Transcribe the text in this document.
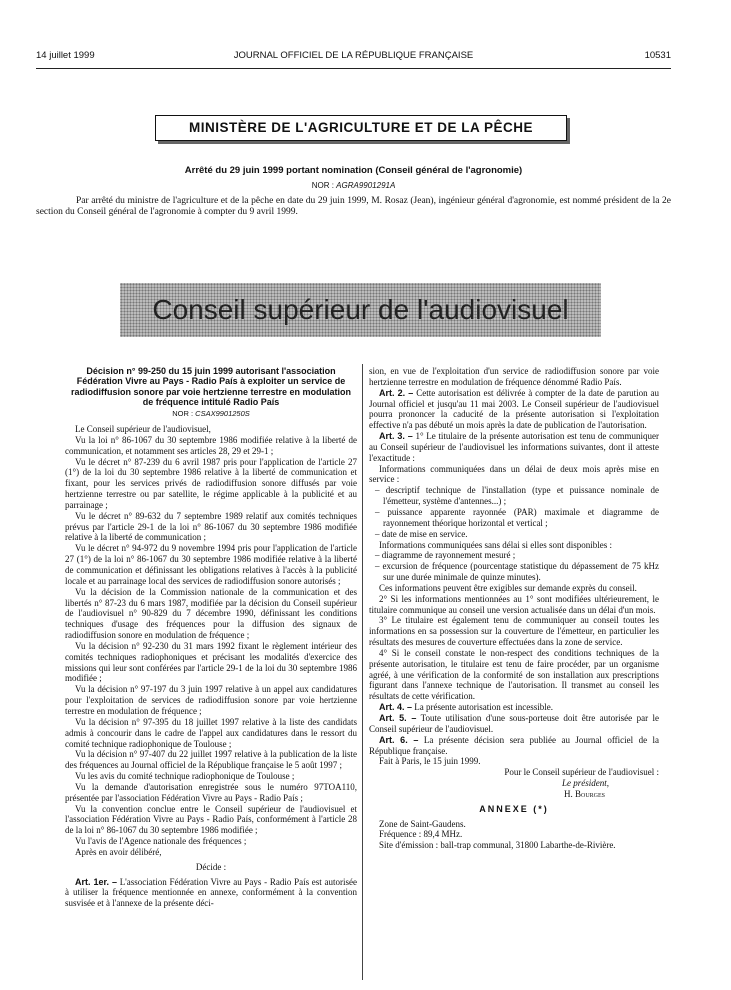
14 juillet 1999	JOURNAL OFFICIEL DE LA RÉPUBLIQUE FRANÇAISE	10531
MINISTÈRE DE L'AGRICULTURE ET DE LA PÊCHE
Arrêté du 29 juin 1999 portant nomination (Conseil général de l'agronomie)
NOR : AGRA9901291A
Par arrêté du ministre de l'agriculture et de la pêche en date du 29 juin 1999, M. Rosaz (Jean), ingénieur général d'agronomie, est nommé président de la 2e section du Conseil général de l'agronomie à compter du 9 avril 1999.
Conseil supérieur de l'audiovisuel
Décision n° 99-250 du 15 juin 1999 autorisant l'association Fédération Vivre au Pays - Radio País à exploiter un service de radiodiffusion sonore par voie hertzienne terrestre en modulation de fréquence intitulé Radio País
NOR : CSAX9901250S

Le Conseil supérieur de l'audiovisuel,

Vu la loi n° 86-1067 du 30 septembre 1986 modifiée relative à la liberté de communication, et notamment ses articles 28, 29 et 29-1 ;

Vu le décret n° 87-239 du 6 avril 1987 pris pour l'application de l'article 27 (1°) de la loi du 30 septembre 1986 relative à la liberté de communication et fixant, pour les services privés de radiodiffusion sonore diffusés par voie hertzienne terrestre ou par satellite, le régime applicable à la publicité et au parrainage ;

Vu le décret n° 89-632 du 7 septembre 1989 relatif aux comités techniques prévus par l'article 29-1 de la loi n° 86-1067 du 30 septembre 1986 modifiée relative à la liberté de communication ;

Vu le décret n° 94-972 du 9 novembre 1994 pris pour l'application de l'article 27 (1°) de la loi n° 86-1067 du 30 septembre 1986 modifiée relative à la liberté de communication et définissant les obligations relatives à l'accès à la publicité locale et au parrainage local des services de radiodiffusion sonore autorisés ;

Vu la décision de la Commission nationale de la communication et des libertés n° 87-23 du 6 mars 1987, modifiée par la décision du Conseil supérieur de l'audiovisuel n° 90-829 du 7 décembre 1990, définissant les conditions techniques d'usage des fréquences pour la diffusion des signaux de radiodiffusion sonore en modulation de fréquence ;

Vu la décision n° 92-230 du 31 mars 1992 fixant le règlement intérieur des comités techniques radiophoniques et précisant les modalités d'exercice des missions qui leur sont conférées par l'article 29-1 de la loi du 30 septembre 1986 modifiée ;

Vu la décision n° 97-197 du 3 juin 1997 relative à un appel aux candidatures pour l'exploitation de services de radiodiffusion sonore par voie hertzienne terrestre en modulation de fréquence ;

Vu la décision n° 97-395 du 18 juillet 1997 relative à la liste des candidats admis à concourir dans le cadre de l'appel aux candidatures dans le ressort du comité technique radiophonique de Toulouse ;

Vu la décision n° 97-407 du 22 juillet 1997 relative à la publication de la liste des fréquences au Journal officiel de la République française le 5 août 1997 ;

Vu les avis du comité technique radiophonique de Toulouse ;

Vu la demande d'autorisation enregistrée sous le numéro 97TOA110, présentée par l'association Fédération Vivre au Pays - Radio País ;

Vu la convention conclue entre le Conseil supérieur de l'audiovisuel et l'association Fédération Vivre au Pays - Radio País, conformément à l'article 28 de la loi n° 86-1067 du 30 septembre 1986 modifiée ;

Vu l'avis de l'Agence nationale des fréquences ;

Après en avoir délibéré,

Décide :

Art. 1er. – L'association Fédération Vivre au Pays - Radio País est autorisée à utiliser la fréquence mentionnée en annexe, conformément à la convention susvisée et à l'annexe de la présente déci-

sion, en vue de l'exploitation d'un service de radiodiffusion sonore par voie hertzienne terrestre en modulation de fréquence dénommé Radio País.

Art. 2. – Cette autorisation est délivrée à compter de la date de parution au Journal officiel et jusqu'au 11 mai 2003. Le Conseil supérieur de l'audiovisuel pourra prononcer la caducité de la présente autorisation si l'exploitation effective n'a pas débuté un mois après la date de publication de l'autorisation.

Art. 3. – 1° Le titulaire de la présente autorisation est tenu de communiquer au Conseil supérieur de l'audiovisuel les informations suivantes, dont il atteste l'exactitude :

Informations communiquées dans un délai de deux mois après mise en service :

– descriptif technique de l'installation (type et puissance nominale de l'émetteur, système d'antennes...) ;

– puissance apparente rayonnée (PAR) maximale et diagramme de rayonnement théorique horizontal et vertical ;

– date de mise en service.

Informations communiquées sans délai si elles sont disponibles :

– diagramme de rayonnement mesuré ;

– excursion de fréquence (pourcentage statistique du dépassement de 75 kHz sur une durée minimale de quinze minutes).

Ces informations peuvent être exigibles sur demande exprès du conseil.

2° Si les informations mentionnées au 1° sont modifiées ultérieurement, le titulaire communique au conseil une version actualisée dans un délai d'un mois.

3° Le titulaire est également tenu de communiquer au conseil toutes les informations en sa possession sur la couverture de l'émetteur, en particulier les résultats des mesures de couverture effectuées dans la zone de service.

4° Si le conseil constate le non-respect des conditions techniques de la présente autorisation, le titulaire est tenu de faire procéder, par un organisme agréé, à une vérification de la conformité de son installation aux prescriptions figurant dans l'annexe technique de l'autorisation. Il transmet au conseil les résultats de cette vérification.

Art. 4. – La présente autorisation est incessible.

Art. 5. – Toute utilisation d'une sous-porteuse doit être autorisée par le Conseil supérieur de l'audiovisuel.

Art. 6. – La présente décision sera publiée au Journal officiel de la République française.

Fait à Paris, le 15 juin 1999.

Pour le Conseil supérieur de l'audiovisuel :

Le président,

H. Bourges

ANNEXE (*)

Zone de Saint-Gaudens.

Fréquence : 89,4 MHz.

Site d'émission : ball-trap communal, 31800 Labarthe-de-Rivière.
